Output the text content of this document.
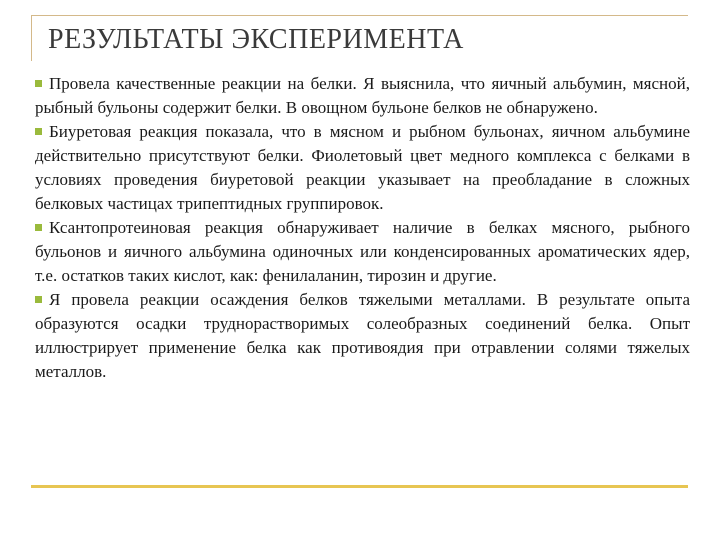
РЕЗУЛЬТАТЫ ЭКСПЕРИМЕНТА

Провела качественные реакции на белки. Я выяснила, что яичный альбумин, мясной, рыбный бульоны содержит белки. В овощном бульоне белков не обнаружено.

Биуретовая реакция показала, что в мясном и рыбном бульонах, яичном альбумине действительно присутствуют белки. Фиолетовый цвет медного комплекса с белками в условиях проведения биуретовой реакции указывает на преобладание в сложных белковых частицах трипептидных группировок.

Ксантопротеиновая реакция обнаруживает наличие в белках мясного, рыбного бульонов и яичного альбумина одиночных или конденсированных ароматических ядер, т.е. остатков таких кислот, как: фенилаланин, тирозин и другие.

Я провела реакции осаждения белков тяжелыми металлами. В результате опыта образуются осадки труднорастворимых солеобразных соединений белка. Опыт иллюстрирует применение белка как противоядия при отравлении солями тяжелых металлов.
